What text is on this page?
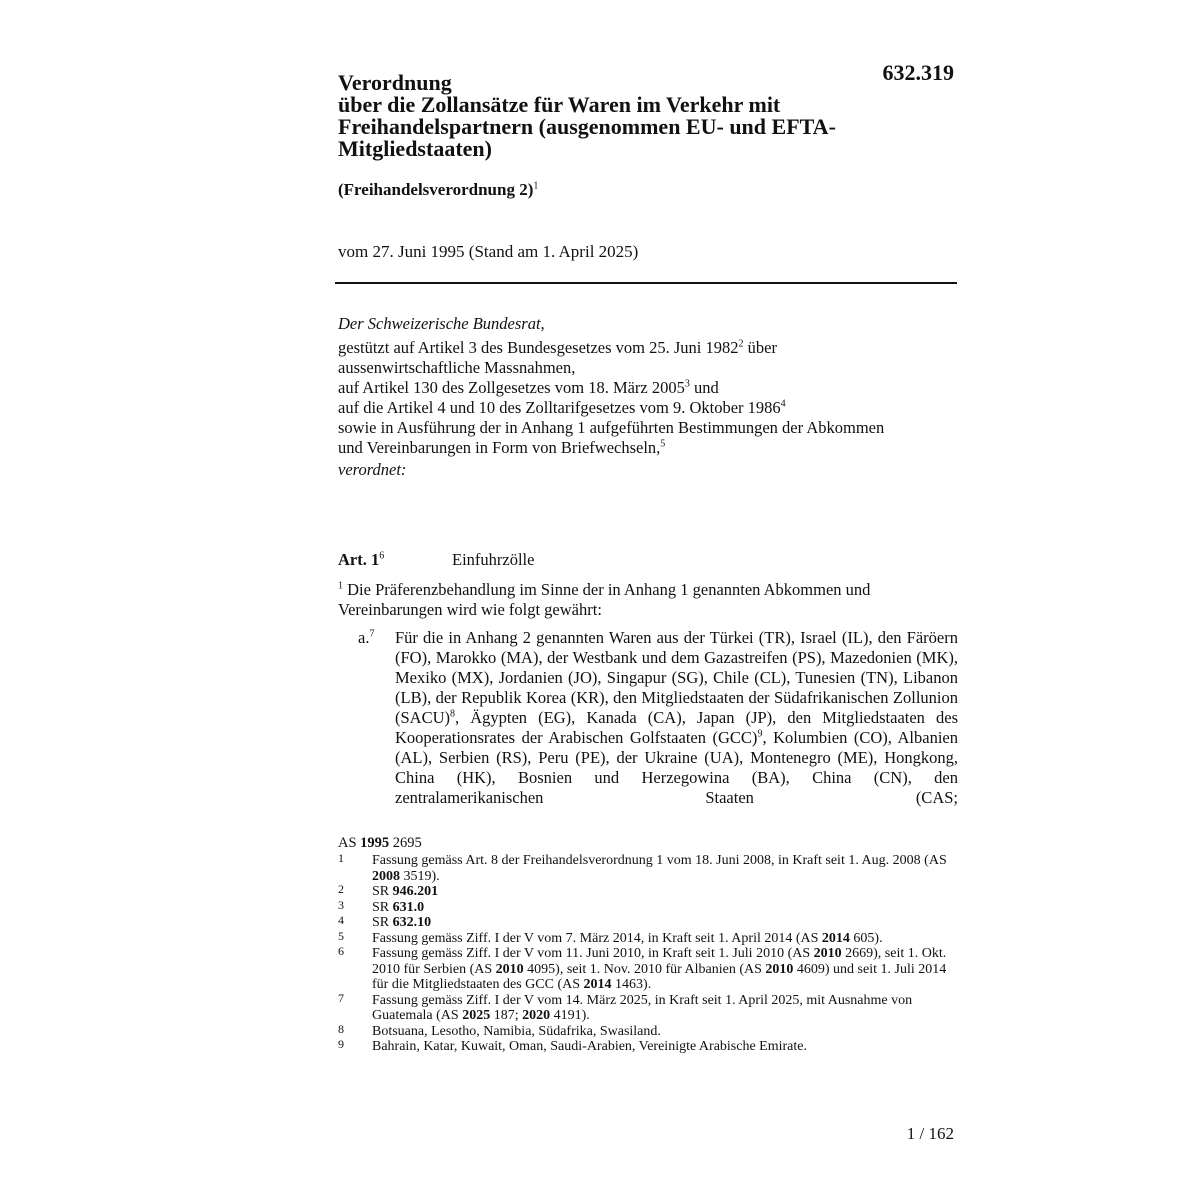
632.319
Verordnung
über die Zollansätze für Waren im Verkehr mit
Freihandelspartnern (ausgenommen EU- und EFTA-
Mitgliedstaaten)
(Freihandelsverordnung 2)$^1$
vom 27. Juni 1995 (Stand am 1. April 2025)
Der Schweizerische Bundesrat,
gestützt auf Artikel 3 des Bundesgesetzes vom 25. Juni 1982$^2$ über
aussenwirtschaftliche Massnahmen,
auf Artikel 130 des Zollgesetzes vom 18. März 2005$^3$ und
auf die Artikel 4 und 10 des Zolltarifgesetzes vom 9. Oktober 1986$^4$
sowie in Ausführung der in Anhang 1 aufgeführten Bestimmungen der Abkommen
und Vereinbarungen in Form von Briefwechseln,$^5$
verordnet:
Art. $1^6$	Einfuhrzölle
$^1$ Die Präferenzbehandlung im Sinne der in Anhang 1 genannten Abkommen und Vereinbarungen wird wie folgt gewährt:
a.$^7$ Für die in Anhang 2 genannten Waren aus der Türkei (TR), Israel (IL), den Färöern (FO), Marokko (MA), der Westbank und dem Gazastreifen (PS), Mazedonien (MK), Mexiko (MX), Jordanien (JO), Singapur (SG), Chile (CL), Tunesien (TN), Libanon (LB), der Republik Korea (KR), den Mitgliedstaaten der Südafrikanischen Zollunion (SACU)$^8$, Ägypten (EG), Kanada (CA), Japan (JP), den Mitgliedstaaten des Kooperationsrates der Arabischen Golfstaaten (GCC)$^9$, Kolumbien (CO), Albanien (AL), Serbien (RS), Peru (PE), der Ukraine (UA), Montenegro (ME), Hongkong, China (HK), Bosnien und Herzegowina (BA), China (CN), den zentralamerikanischen Staaten (CAS;
AS 1995 2695
1 Fassung gemäss Art. 8 der Freihandelsverordnung 1 vom 18. Juni 2008, in Kraft seit 1. Aug. 2008 (AS 2008 3519).
2 SR 946.201
3 SR 631.0
4 SR 632.10
5 Fassung gemäss Ziff. I der V vom 7. März 2014, in Kraft seit 1. April 2014 (AS 2014 605).
6 Fassung gemäss Ziff. I der V vom 11. Juni 2010, in Kraft seit 1. Juli 2010 (AS 2010 2669), seit 1. Okt. 2010 für Serbien (AS 2010 4095), seit 1. Nov. 2010 für Albanien (AS 2010 4609) und seit 1. Juli 2014 für die Mitgliedstaaten des GCC (AS 2014 1463).
7 Fassung gemäss Ziff. I der V vom 14. März 2025, in Kraft seit 1. April 2025, mit Ausnahme von Guatemala (AS 2025 187; 2020 4191).
8 Botsuana, Lesotho, Namibia, Südafrika, Swasiland.
9 Bahrain, Katar, Kuwait, Oman, Saudi-Arabien, Vereinigte Arabische Emirate.
1 / 162
